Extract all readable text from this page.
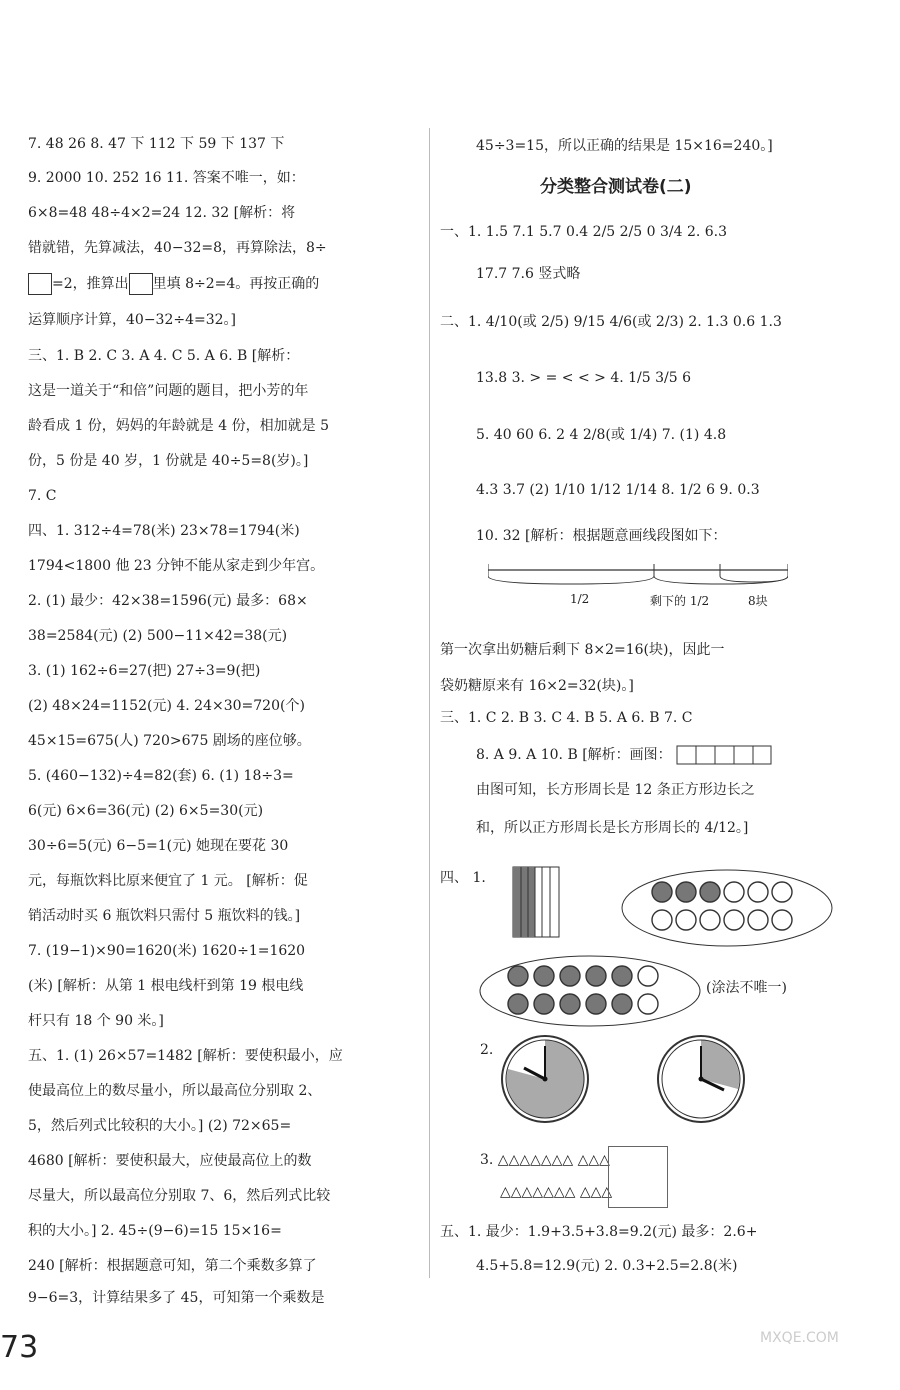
7. 48 26 8. 47 下 112 下 59 下 137 下
9. 2000 10. 252 16 11. 答案不唯一，如：
6×8=48 48÷4×2=24 12. 32 [解析：将
错就错，先算减法，40−32=8，再算除法，8÷
=2，推算出 里填 8÷2=4。再按正确的
运算顺序计算，40−32÷4=32。]
三、1. B 2. C 3. A 4. C 5. A 6. B [解析：
这是一道关于“和倍”问题的题目，把小芳的年
龄看成 1 份，妈妈的年龄就是 4 份，相加就是 5
份，5 份是 40 岁，1 份就是 40÷5=8(岁)。]
7. C
四、1. 312÷4=78(米) 23×78=1794(米)
1794<1800 他 23 分钟不能从家走到少年宫。
2. (1) 最少：42×38=1596(元) 最多：68×
38=2584(元) (2) 500−11×42=38(元)
3. (1) 162÷6=27(把) 27÷3=9(把)
(2) 48×24=1152(元) 4. 24×30=720(个)
45×15=675(人) 720>675 剧场的座位够。
5. (460−132)÷4=82(套) 6. (1) 18÷3=
6(元) 6×6=36(元) (2) 6×5=30(元)
30÷6=5(元) 6−5=1(元) 她现在要花 30
元，每瓶饮料比原来便宜了 1 元。 [解析：促
销活动时买 6 瓶饮料只需付 5 瓶饮料的钱。]
7. (19−1)×90=1620(米) 1620÷1=1620
(米) [解析：从第 1 根电线杆到第 19 根电线
杆只有 18 个 90 米。]
五、1. (1) 26×57=1482 [解析：要使积最小，应
使最高位上的数尽量小，所以最高位分别取 2、
5，然后列式比较积的大小。] (2) 72×65=
4680 [解析：要使积最大，应使最高位上的数
尽量大，所以最高位分别取 7、6，然后列式比较
积的大小。] 2. 45÷(9−6)=15 15×16=
240 [解析：根据题意可知，第二个乘数多算了
9−6=3，计算结果多了 45，可知第一个乘数是
45÷3=15，所以正确的结果是 15×16=240。]
分类整合测试卷(二)
一、1. 1.5 7.1 5.7 0.4 2/5 2/5 0 3/4 2. 6.3
17.7 7.6 竖式略
二、1. 4/10(或 2/5) 9/15 4/6(或 2/3) 2. 1.3 0.6 1.3
13.8 3. > = < < > 4. 1/5 3/5 6
5. 40 60 6. 2 4 2/8(或 1/4) 7. (1) 4.8
4.3 3.7 (2) 1/10 1/12 1/14 8. 1/2 6 9. 0.3
10. 32 [解析：根据题意画线段图如下：
1/2	剩下的 1/2	8块
第一次拿出奶糖后剩下 8×2=16(块)，因此一
袋奶糖原来有 16×2=32(块)。]
三、1. C 2. B 3. C 4. B 5. A 6. B 7. C
8. A 9. A 10. B [解析：画图：
由图可知，长方形周长是 12 条正方形边长之
和，所以正方形周长是长方形周长的 4/12。]
四、 1.
(涂法不唯一)
2.
3. △△△△△△△ △△△
△△△△△△△ △△△
五、1. 最少：1.9+3.5+3.8=9.2(元) 最多：2.6+
4.5+5.8=12.9(元) 2. 0.3+2.5=2.8(米)
73	MXQE.COM
